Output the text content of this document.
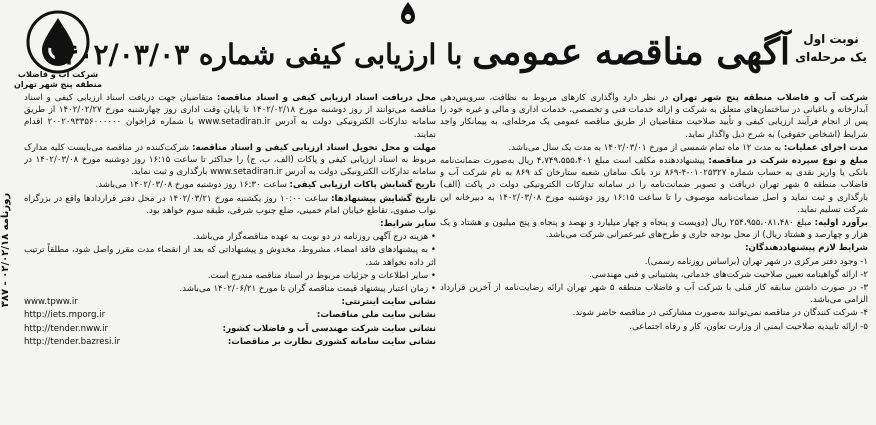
شرکت آب و فاضلاب
منطقه پنج شهر تهران
آگهی مناقصه عمومی با ارزیابی کیفی شماره ۱۴۰۲/۰۳/۰۳	نوبت اول
یک مرحله‌ای

شرکت آب و فاضلاب منطقه پنج شهر تهران در نظر دارد واگذاری کارهای مربوط به نظافت، سرویس‌دهی آبدارخانه و باغبانی در ساختمان‌های متعلق به شرکت و ارائه خدمات فنی و تخصصی، خدمات اداری و مالی و غیره خود را پس از انجام فرآیند ارزیابی کیفی و تأیید صلاحیت متقاضیان از طریق مناقصه عمومی یک مرحله‌ای، به پیمانکار واجد شرایط (اشخاص حقوقی) به شرح ذیل واگذار نماید.

مدت اجرای عملیات: به مدت ۱۲ ماه تمام شمسی از مورخ ۱۴۰۲/۰۳/۰۱ به مدت یک سال می‌باشد.

مبلغ و نوع سپرده شرکت در مناقصه: پیشنهاددهنده مکلف است مبلغ ۴،۷۴۹،۵۵۵،۴۰۱ ریال به‌صورت ضمانت‌نامه بانکی یا واریز نقدی به حساب شماره ۰۱۰۲۵۳۲۷-۴-۸۶۹ نزد بانک سامان شعبه ستارخان کد ۸۶۹ به نام شرکت آب و فاضلاب منطقه ۵ شهر تهران دریافت و تصویر ضمانت‌نامه را در سامانه تدارکات الکترونیکی دولت در پاکت (الف) بارگذاری و ثبت نماید و اصل ضمانت‌نامه موصوف را تا ساعت ۱۶:۱۵ روز دوشنبه مورخ ۱۴۰۲/۰۳/۰۸ به دبیرخانه این شرکت تسلیم نماید.

برآورد اولیه: مبلغ ۲۵۴،۹۵۵،۰۸۱،۴۸۰ ریال (دویست و پنجاه و چهار میلیارد و نهصد و پنجاه و پنج میلیون و هشتاد و یک هزار و چهارصد و هشتاد ریال) از محل بودجه جاری و طرح‌های غیرعمرانی شرکت می‌باشد.

شرایط لازم پیشنهاددهندگان:

۱- وجود دفتر مرکزی در شهر تهران (براساس روزنامه رسمی).

۲- ارائه گواهینامه تعیین صلاحیت شرکت‌های خدماتی، پشتیبانی و فنی مهندسی.

۳- در صورت داشتن سابقه کار قبلی با شرکت آب و فاضلاب منطقه ۵ شهر تهران ارائه رضایت‌نامه از آخرین قرارداد الزامی می‌باشد.

۴- شرکت کنندگان در مناقصه نمی‌توانند به‌صورت مشارکتی در مناقصه حاضر شوند.

۵- ارائه تاییدیه صلاحیت ایمنی از وزارت تعاون، کار و رفاه اجتماعی.

محل دریافت اسناد ارزیابی کیفی و اسناد مناقصه: متقاضیان جهت دریافت اسناد ارزیابی کیفی و اسناد مناقصه می‌توانند از روز دوشنبه مورخ ۱۴۰۲/۰۲/۱۸ تا پایان وقت اداری روز چهارشنبه مورخ ۱۴۰۲/۰۲/۲۷ از طریق سامانه تدارکات الکترونیکی دولت به آدرس www.setadiran.ir با شماره فراخوان ۲۰۰۲۰۹۳۳۵۶۰۰۰۰۰۰ اقدام نمایند.

مهلت و محل تحویل اسناد ارزیابی کیفی و اسناد مناقصه: شرکت‌کننده در مناقصه می‌بایست کلیه مدارک مربوط به اسناد ارزیابی کیفی و پاکات (الف، ب، ج) را حداکثر تا ساعت ۱۶:۱۵ روز دوشنبه مورخ ۱۴۰۲/۰۳/۰۸ در سامانه تدارکات الکترونیکی دولت به آدرس www.setadiran.ir بارگذاری و ثبت نماید.

تاریخ گشایش پاکات ارزیابی کیفی: ساعت ۱۶:۳۰ روز دوشنبه مورخ ۱۴۰۲/۰۳/۰۸ می‌باشد.

تاریخ گشایش پیشنهادها: ساعت ۱۰:۰۰ روز یکشنبه مورخ ۱۴۰۲/۰۳/۲۱ در محل دفتر قراردادها واقع در بزرگراه نواب صفوی، تقاطع خیابان امام خمینی، ضلع جنوب شرقی، طبقه سوم خواهد بود.

سایر شرایط:

• هزینه درج آگهی روزنامه در دو نوبت به عهده مناقصه‌گزار می‌باشد.

• به پیشنهادهای فاقد امضاء، مشروط، مخدوش و پیشنهاداتی که بعد از انقضاء مدت مقرر واصل شود، مطلقاً ترتیب اثر داده نخواهد شد.

• سایر اطلاعات و جزئیات مربوط در اسناد مناقصه مندرج است.

• زمان اعتبار پیشنهاد قیمت مناقصه گران تا مورخ ۱۴۰۲/۰۶/۲۱ می‌باشد.

نشانی سایت اینترنتی:
www.tpww.ir

نشانی سایت ملی مناقصات:
http://iets.mporg.ir

نشانی سایت شرکت مهندسی آب و فاضلاب کشور:
http://tender.nww.ir

نشانی سایت سامانه کشوری نظارت بر مناقصات:
http://tender.bazresi.ir

روزنامه ۰۲/۰۲/۱۸ - ۳۸۷
